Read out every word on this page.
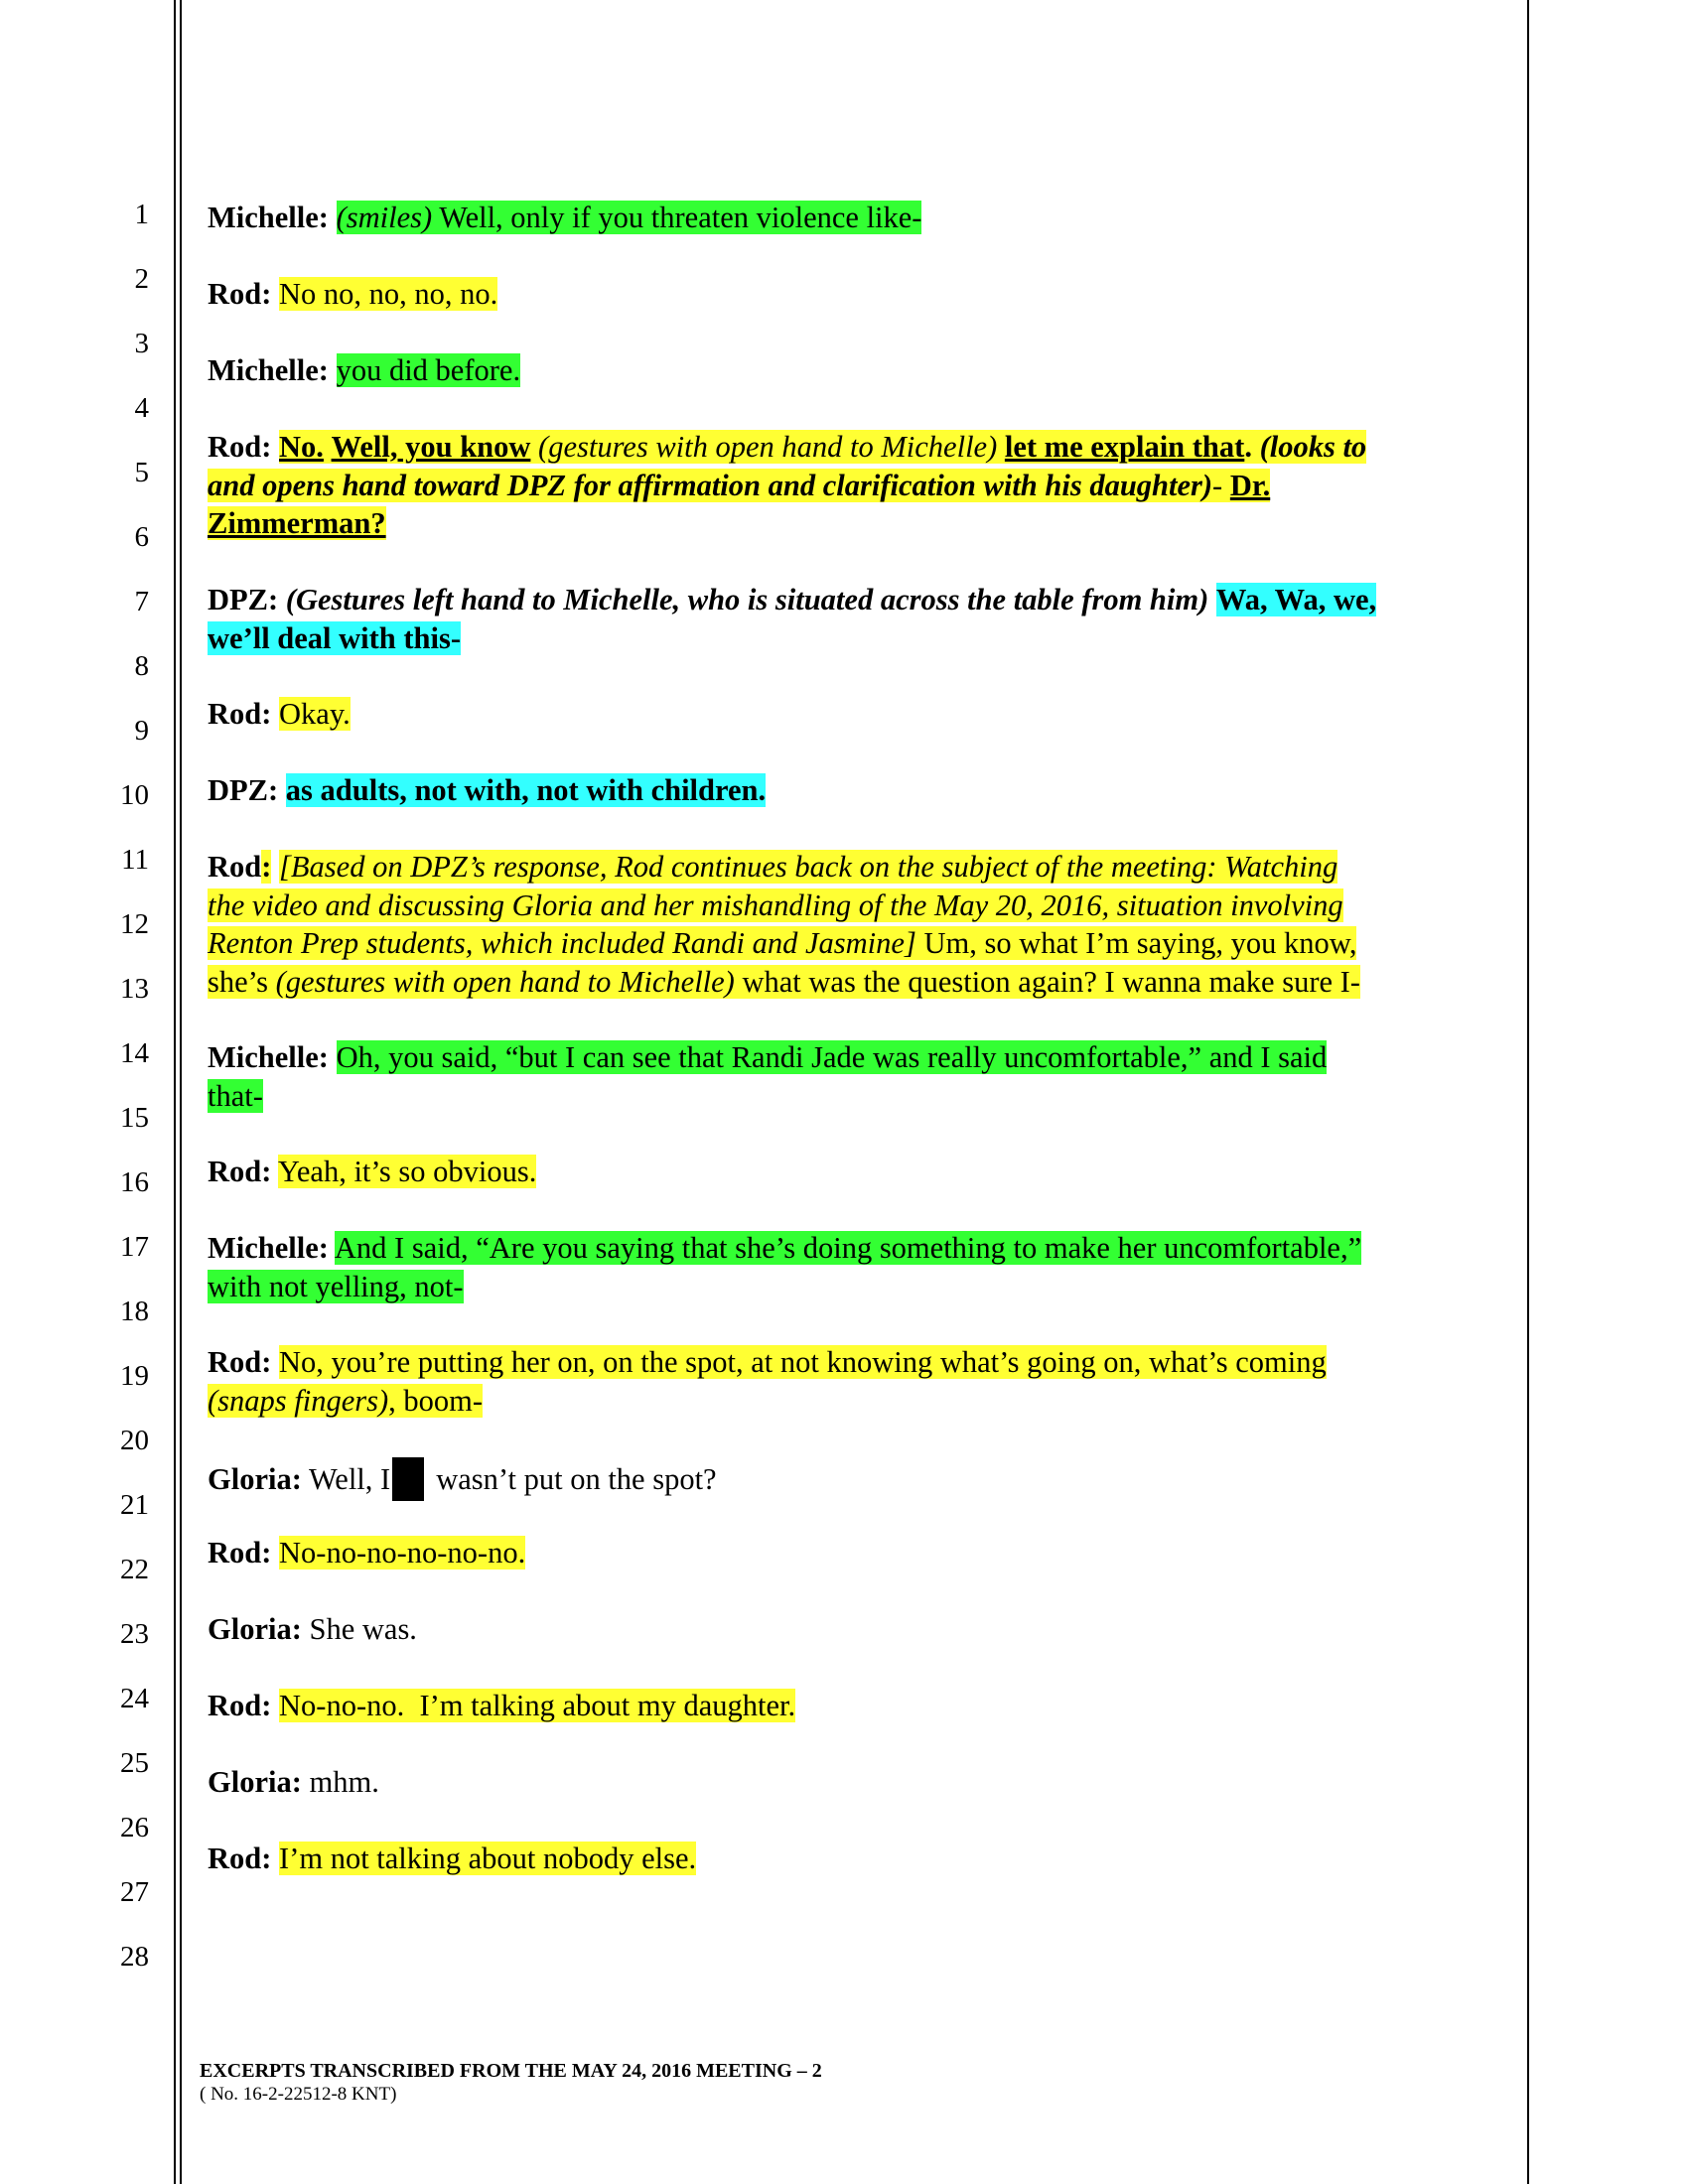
1
2
3
4
5
6
7
8
9
10
11
12
13
14
15
16
17
18
19
20
21
22
23
24
25
26
27
28
Michelle: (smiles) Well, only if you threaten violence like-
Rod: No no, no, no, no.
Michelle: you did before.
Rod: No. Well, you know (gestures with open hand to Michelle) let me explain that. (looks to
and opens hand toward DPZ for affirmation and clarification with his daughter)- Dr.
Zimmerman?
DPZ: (Gestures left hand to Michelle, who is situated across the table from him) Wa, Wa, we,
we’ll deal with this-
Rod: Okay.
DPZ: as adults, not with, not with children.
Rod: [Based on DPZ’s response, Rod continues back on the subject of the meeting: Watching
the video and discussing Gloria and her mishandling of the May 20, 2016, situation involving
Renton Prep students, which included Randi and Jasmine] Um, so what I’m saying, you know,
she’s (gestures with open hand to Michelle) what was the question again? I wanna make sure I-
Michelle: Oh, you said, “but I can see that Randi Jade was really uncomfortable,” and I said
that-
Rod: Yeah, it’s so obvious.
Michelle: And I said, “Are you saying that she’s doing something to make her uncomfortable,”
with not yelling, not-
Rod: No, you’re putting her on, on the spot, at not knowing what’s going on, what’s coming
(snaps fingers), boom-
Gloria: Well, I wasn’t put on the spot?
Rod: No-no-no-no-no-no.
Gloria: She was.
Rod: No-no-no.  I’m talking about my daughter.
Gloria: mhm.
Rod: I’m not talking about nobody else.
EXCERPTS TRANSCRIBED FROM THE MAY 24, 2016 MEETING – 2
( No. 16-2-22512-8 KNT)
